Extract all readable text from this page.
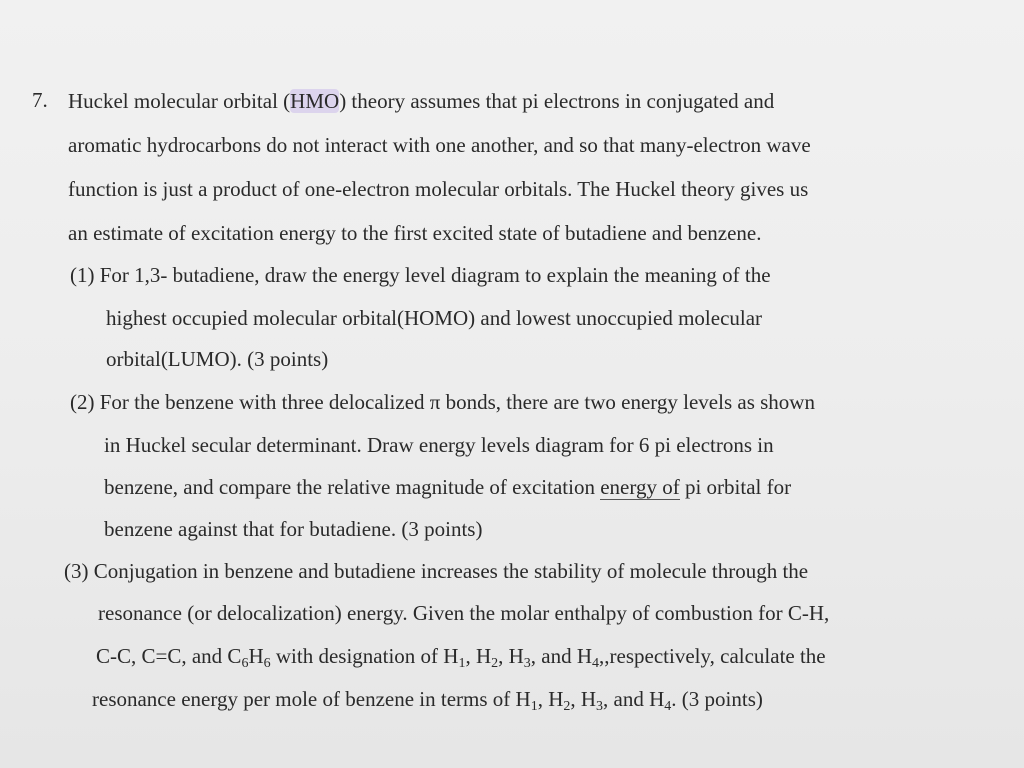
7. Huckel molecular orbital (HMO) theory assumes that pi electrons in conjugated and
aromatic hydrocarbons do not interact with one another, and so that many-electron wave
function is just a product of one-electron molecular orbitals. The Huckel theory gives us
an estimate of excitation energy to the first excited state of butadiene and benzene.
(1) For 1,3- butadiene, draw the energy level diagram to explain the meaning of the
highest occupied molecular orbital(HOMO) and lowest unoccupied molecular
orbital(LUMO). (3 points)
(2) For the benzene with three delocalized π bonds, there are two energy levels as shown
in Huckel secular determinant. Draw energy levels diagram for 6 pi electrons in
benzene, and compare the relative magnitude of excitation energy of pi orbital for
benzene against that for butadiene. (3 points)
(3) Conjugation in benzene and butadiene increases the stability of molecule through the
resonance (or delocalization) energy. Given the molar enthalpy of combustion for C-H,
C-C, C=C, and $C_6H_6$ with designation of $H_1$, $H_2$, $H_3$, and $H_4,,respectively$, calculate the
resonance energy per mole of benzene in terms of $H_1$, $H_2$, $H_3$, and $H_4$. (3 points)
